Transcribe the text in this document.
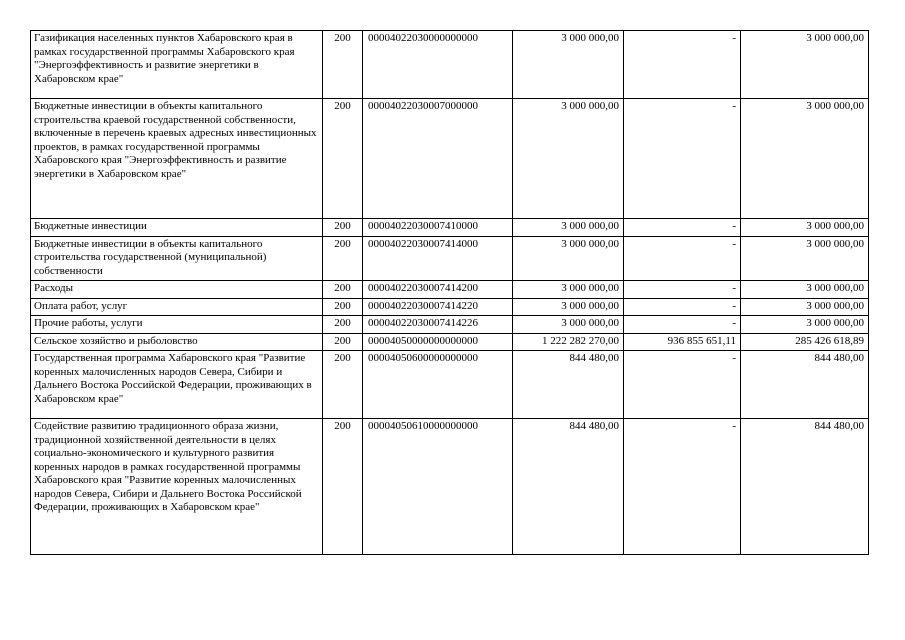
Газификация населенных пунктов Хабаровского края в рамках государственной программы Хабаровского края "Энергоэффективность и развитие энергетики в Хабаровском крае"	200	00004022030000000000	3 000 000,00	-	3 000 000,00
Бюджетные инвестиции в объекты капитального строительства краевой государственной собственности, включенные в перечень краевых адресных инвестиционных проектов, в рамках государственной программы Хабаровского края "Энергоэффективность и развитие энергетики в Хабаровском крае"	200	00004022030007000000	3 000 000,00	-	3 000 000,00
Бюджетные инвестиции	200	00004022030007410000	3 000 000,00	-	3 000 000,00
Бюджетные инвестиции в объекты капитального строительства государственной (муниципальной) собственности	200	00004022030007414000	3 000 000,00	-	3 000 000,00
Расходы	200	00004022030007414200	3 000 000,00	-	3 000 000,00
Оплата работ, услуг	200	00004022030007414220	3 000 000,00	-	3 000 000,00
Прочие работы, услуги	200	00004022030007414226	3 000 000,00	-	3 000 000,00
Сельское хозяйство и рыболовство	200	00004050000000000000	1 222 282 270,00	936 855 651,11	285 426 618,89
Государственная программа Хабаровского края "Развитие коренных малочисленных народов Севера, Сибири и Дальнего Востока Российской Федерации, проживающих в Хабаровском крае"	200	00004050600000000000	844 480,00	-	844 480,00
Содействие развитию традиционного образа жизни, традиционной хозяйственной деятельности в целях социально-экономического и культурного развития коренных народов в рамках государственной программы Хабаровского края "Развитие коренных малочисленных народов Севера, Сибири и Дальнего Востока Российской Федерации, проживающих в Хабаровском крае"	200	00004050610000000000	844 480,00	-	844 480,00
